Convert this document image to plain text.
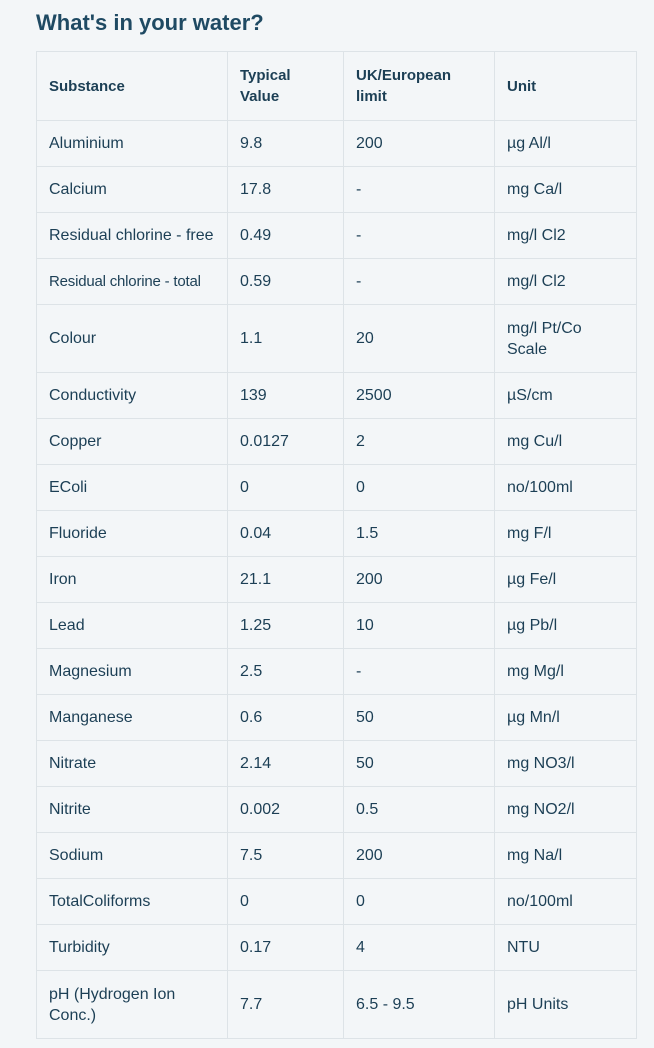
What's in your water?
Substance	Typical Value	UK/European limit	Unit
Aluminium	9.8	200	µg Al/l
Calcium	17.8	-	mg Ca/l
Residual chlorine - free	0.49	-	mg/l Cl2
Residual chlorine - total	0.59	-	mg/l Cl2
Colour	1.1	20	mg/l Pt/Co Scale
Conductivity	139	2500	µS/cm
Copper	0.0127	2	mg Cu/l
EColi	0	0	no/100ml
Fluoride	0.04	1.5	mg F/l
Iron	21.1	200	µg Fe/l
Lead	1.25	10	µg Pb/l
Magnesium	2.5	-	mg Mg/l
Manganese	0.6	50	µg Mn/l
Nitrate	2.14	50	mg NO3/l
Nitrite	0.002	0.5	mg NO2/l
Sodium	7.5	200	mg Na/l
TotalColiforms	0	0	no/100ml
Turbidity	0.17	4	NTU
pH (Hydrogen Ion Conc.)	7.7	6.5 - 9.5	pH Units
